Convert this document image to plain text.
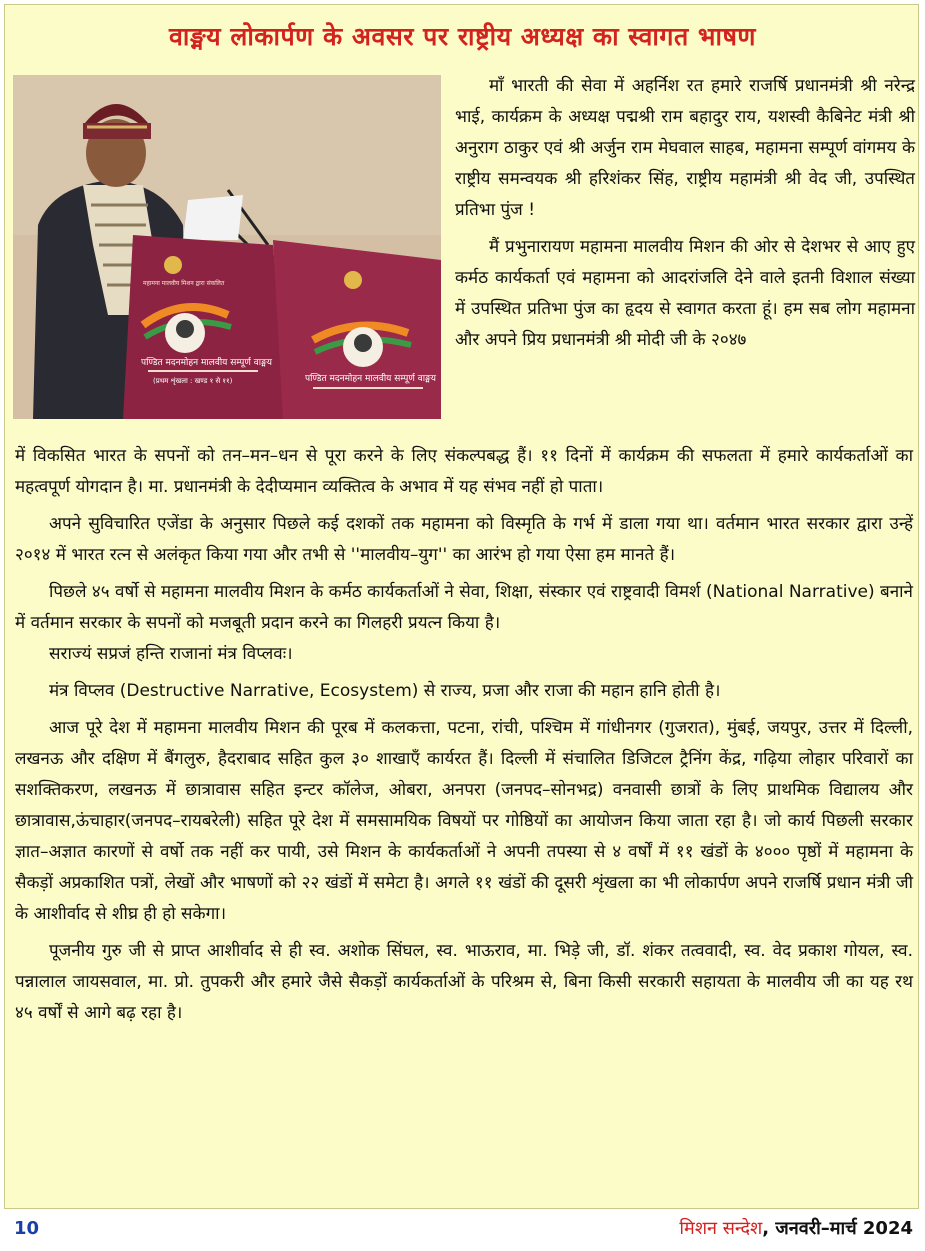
वाङ्मय लोकार्पण के अवसर पर राष्ट्रीय अध्यक्ष का स्वागत भाषण
पण्डित मदनमोहन मालवीय सम्पूर्ण वाङ्मय
पण्डित मदनमोहन मालवीय सम्पूर्ण वाङ्मय
(प्रथम शृंखला : खण्ड १ से ११)
महामना मालवीय मिशन द्वारा संकलित

माँ भारती की सेवा में अहर्निश रत हमारे राजर्षि प्रधानमंत्री श्री नरेन्द्र भाई, कार्यक्रम के अध्यक्ष पद्मश्री राम बहादुर राय, यशस्वी कैबिनेट मंत्री श्री अनुराग ठाकुर एवं श्री अर्जुन राम मेघवाल साहब, महामना सम्पूर्ण वांगमय के राष्ट्रीय समन्वयक श्री हरिशंकर सिंह, राष्ट्रीय महामंत्री श्री वेद जी, उपस्थित प्रतिभा पुंज !

मैं प्रभुनारायण महामना मालवीय मिशन की ओर से देशभर से आए हुए कर्मठ कार्यकर्ता एवं महामना को आदरांजलि देने वाले इतनी विशाल संख्या में उपस्थित प्रतिभा पुंज का हृदय से स्वागत करता हूं। हम सब लोग महामना और अपने प्रिय प्रधानमंत्री श्री मोदी जी के २०४७

में विकसित भारत के सपनों को तन–मन–धन से पूरा करने के लिए संकल्पबद्ध हैं। ११ दिनों में कार्यक्रम की सफलता में हमारे कार्यकर्ताओं का महत्वपूर्ण योगदान है। मा. प्रधानमंत्री के देदीप्यमान व्यक्तित्व के अभाव में यह संभव नहीं हो पाता।

अपने सुविचारित एजेंडा के अनुसार पिछले कई दशकों तक महामना को विस्मृति के गर्भ में डाला गया था। वर्तमान भारत सरकार द्वारा उन्हें २०१४ में भारत रत्न से अलंकृत किया गया और तभी से ''मालवीय–युग'' का आरंभ हो गया ऐसा हम मानते हैं।

पिछले ४५ वर्षो से महामना मालवीय मिशन के कर्मठ कार्यकर्ताओं ने सेवा, शिक्षा, संस्कार एवं राष्ट्रवादी विमर्श (National Narrative) बनाने में वर्तमान सरकार के सपनों को मजबूती प्रदान करने का गिलहरी प्रयत्न किया है।

सराज्यं सप्रजं हन्ति राजानां मंत्र विप्लवः।

मंत्र विप्लव (Destructive Narrative, Ecosystem) से राज्य, प्रजा और राजा की महान हानि होती है।

आज पूरे देश में महामना मालवीय मिशन की पूरब में कलकत्ता, पटना, रांची, पश्चिम में गांधीनगर (गुजरात), मुंबई, जयपुर, उत्तर में दिल्ली, लखनऊ और दक्षिण में बैंगलुरु, हैदराबाद सहित कुल ३० शाखाएँ कार्यरत हैं। दिल्ली में संचालित डिजिटल ट्रैनिंग केंद्र, गढ़िया लोहार परिवारों का सशक्तिकरण, लखनऊ में छात्रावास सहित इन्टर कॉलेज, ओबरा, अनपरा (जनपद–सोनभद्र) वनवासी छात्रों के लिए प्राथमिक विद्यालय और छात्रावास,ऊंचाहार(जनपद–रायबरेली) सहित पूरे देश में समसामयिक विषयों पर गोष्ठियों का आयोजन किया जाता रहा है। जो कार्य पिछली सरकार ज्ञात–अज्ञात कारणों से वर्षो तक नहीं कर पायी, उसे मिशन के कार्यकर्ताओं ने अपनी तपस्या से ४ वर्षों में ११ खंडों के ४००० पृष्ठों में महामना के सैकड़ों अप्रकाशित पत्रों, लेखों और भाषणों को २२ खंडों में समेटा है। अगले ११ खंडों की दूसरी शृंखला का भी लोकार्पण अपने राजर्षि प्रधान मंत्री जी के आशीर्वाद से शीघ्र ही हो सकेगा।

पूजनीय गुरु जी से प्राप्त आशीर्वाद से ही स्व. अशोक सिंघल, स्व. भाऊराव, मा. भिड़े जी, डॉ. शंकर तत्ववादी, स्व. वेद प्रकाश गोयल, स्व. पन्नालाल जायसवाल, मा. प्रो. तुपकरी और हमारे जैसे सैकड़ों कार्यकर्ताओं के परिश्रम से, बिना किसी सरकारी सहायता के मालवीय जी का यह रथ ४५ वर्षों से आगे बढ़ रहा है।

10	मिशन सन्देश, जनवरी–मार्च 2024
